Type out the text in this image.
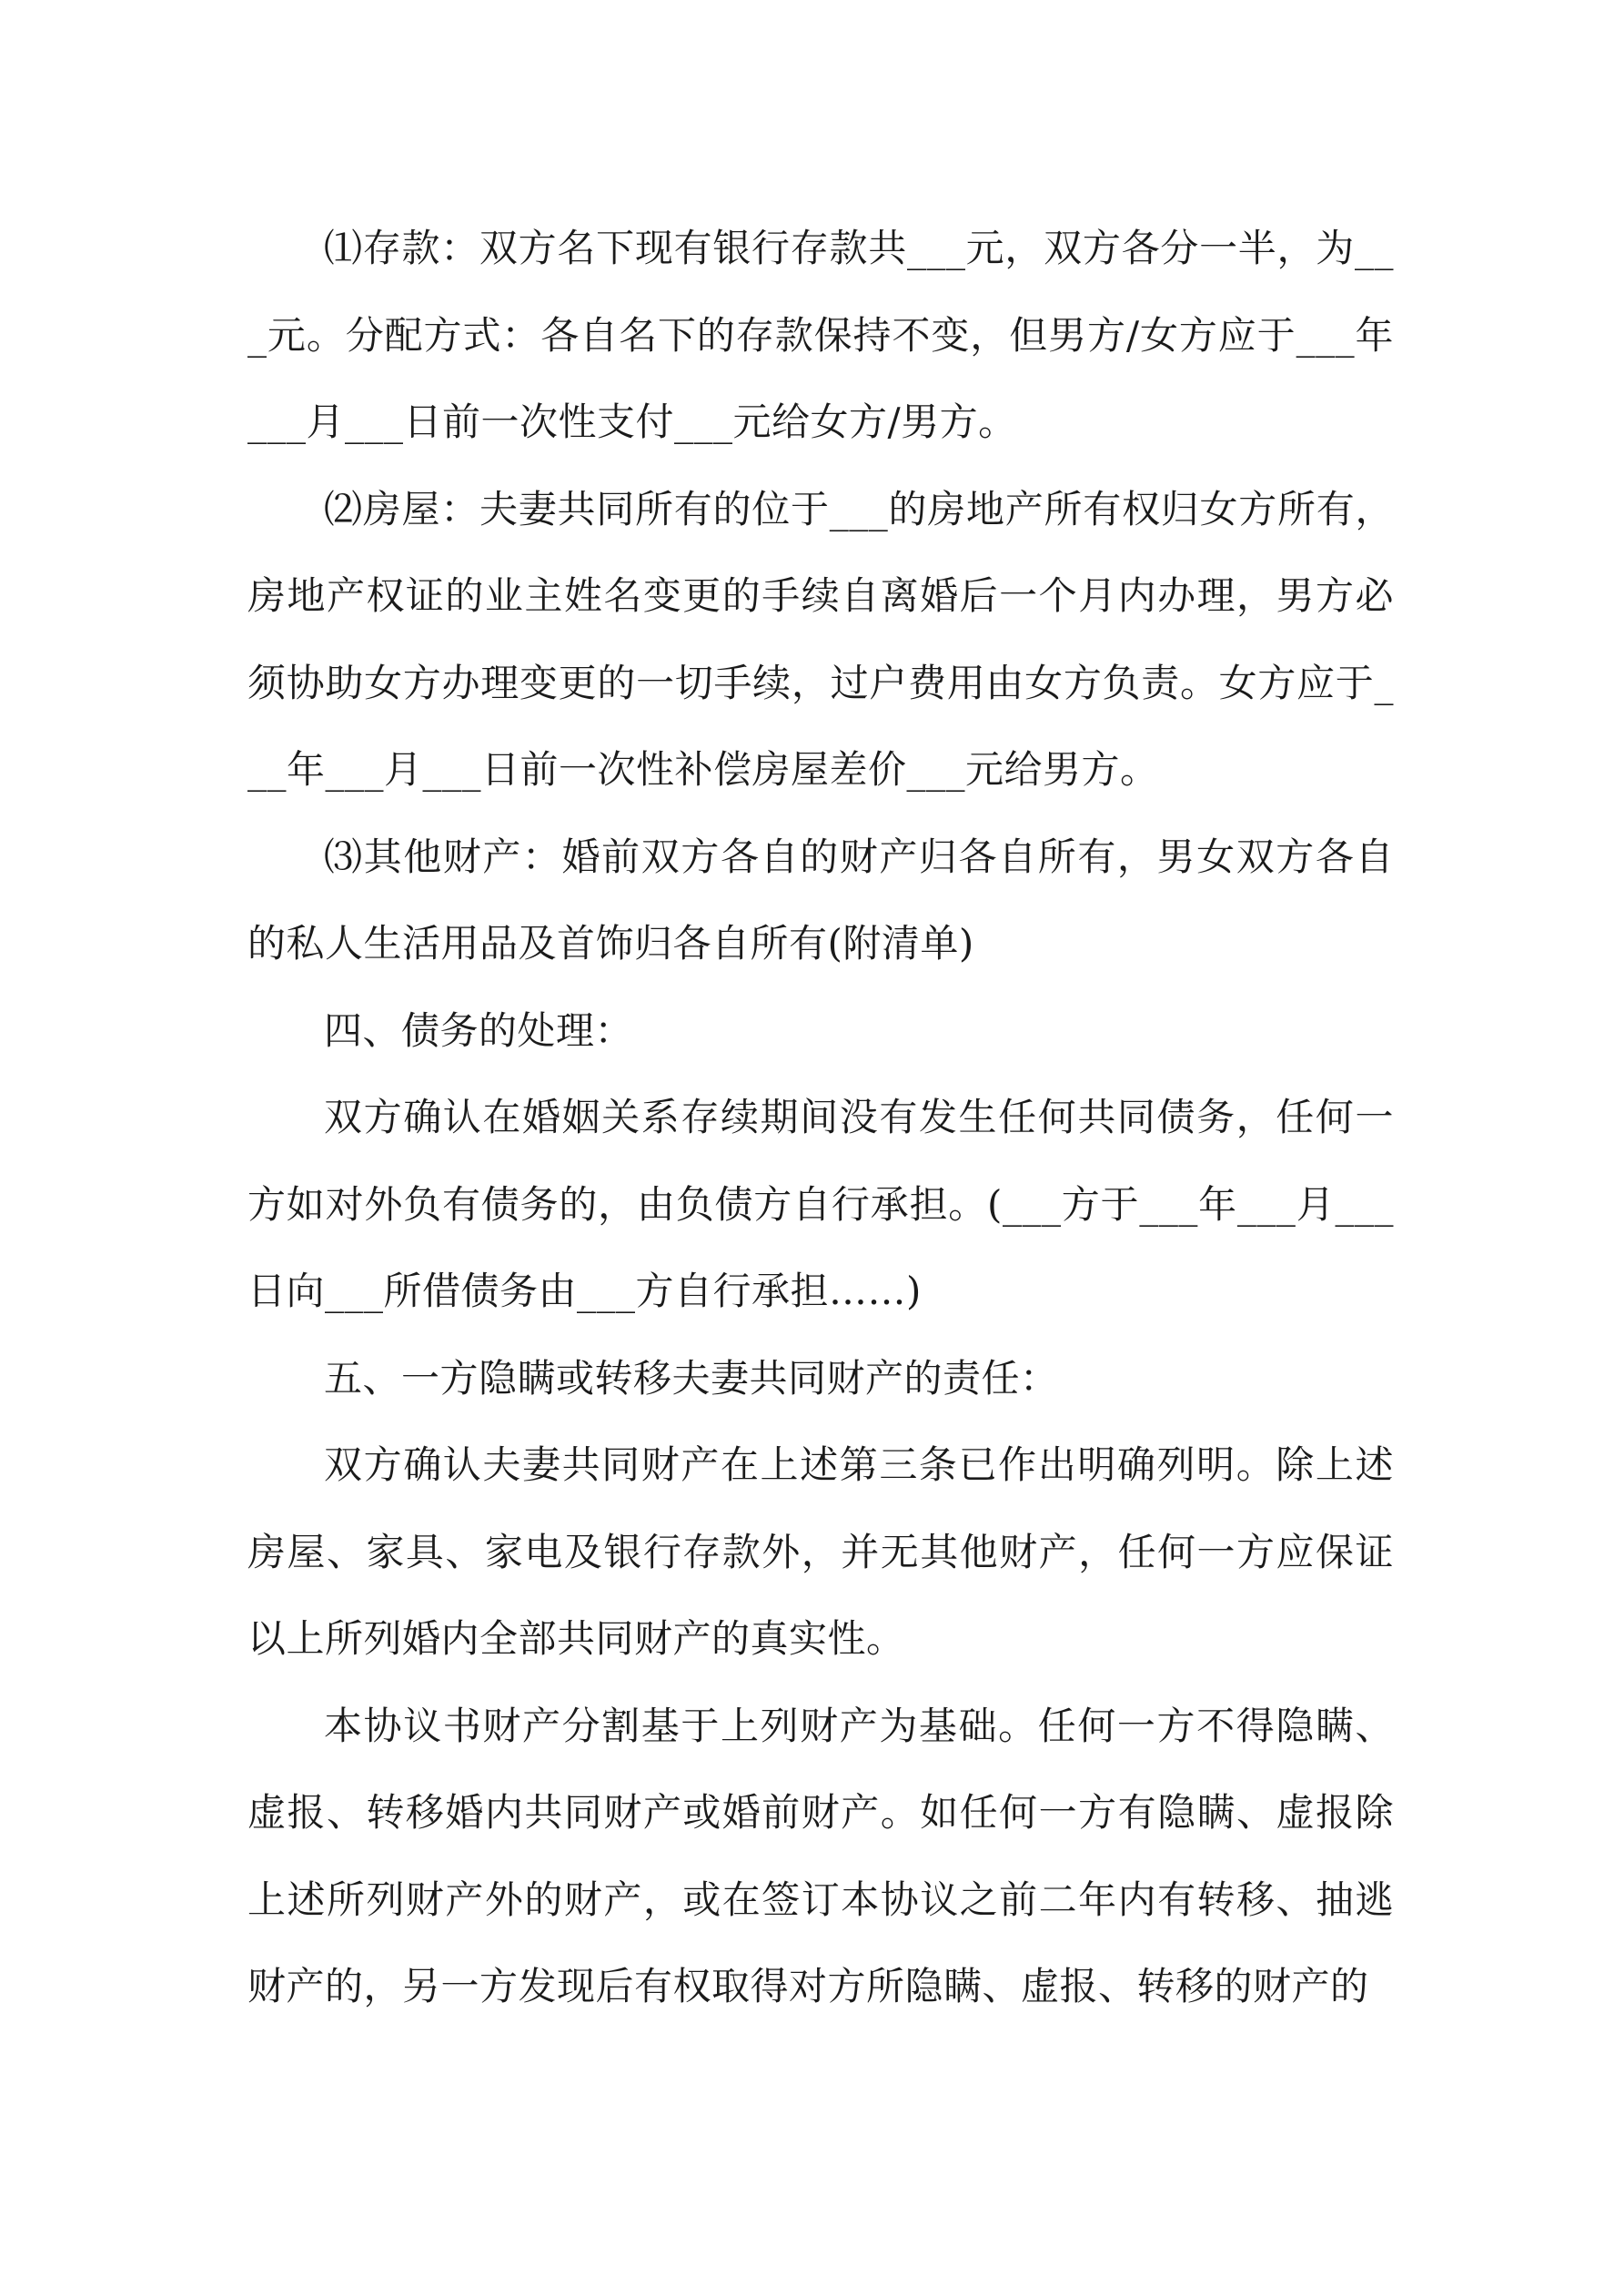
⑴存款：双方名下现有银行存款共___元，双方各分一半，为___元。分配方式：各自名下的存款保持不变，但男方/女方应于___年___月___日前一次性支付___元给女方/男方。

⑵房屋：夫妻共同所有的位于___的房地产所有权归女方所有，房地产权证的业主姓名变更的手续自离婚后一个月内办理，男方必须协助女方办理变更的一切手续，过户费用由女方负责。女方应于___年___月___日前一次性补偿房屋差价___元给男方。

⑶其他财产：婚前双方各自的财产归各自所有，男女双方各自的私人生活用品及首饰归各自所有(附清单)

四、债务的处理：

双方确认在婚姻关系存续期间没有发生任何共同债务，任何一方如对外负有债务的，由负债方自行承担。(___方于___年___月___日向___所借债务由___方自行承担……)

五、一方隐瞒或转移夫妻共同财产的责任：

双方确认夫妻共同财产在上述第三条已作出明确列明。除上述房屋、家具、家电及银行存款外，并无其他财产，任何一方应保证以上所列婚内全部共同财产的真实性。

本协议书财产分割基于上列财产为基础。任何一方不得隐瞒、虚报、转移婚内共同财产或婚前财产。如任何一方有隐瞒、虚报除上述所列财产外的财产，或在签订本协议之前二年内有转移、抽逃财产的，另一方发现后有权取得对方所隐瞒、虚报、转移的财产的
